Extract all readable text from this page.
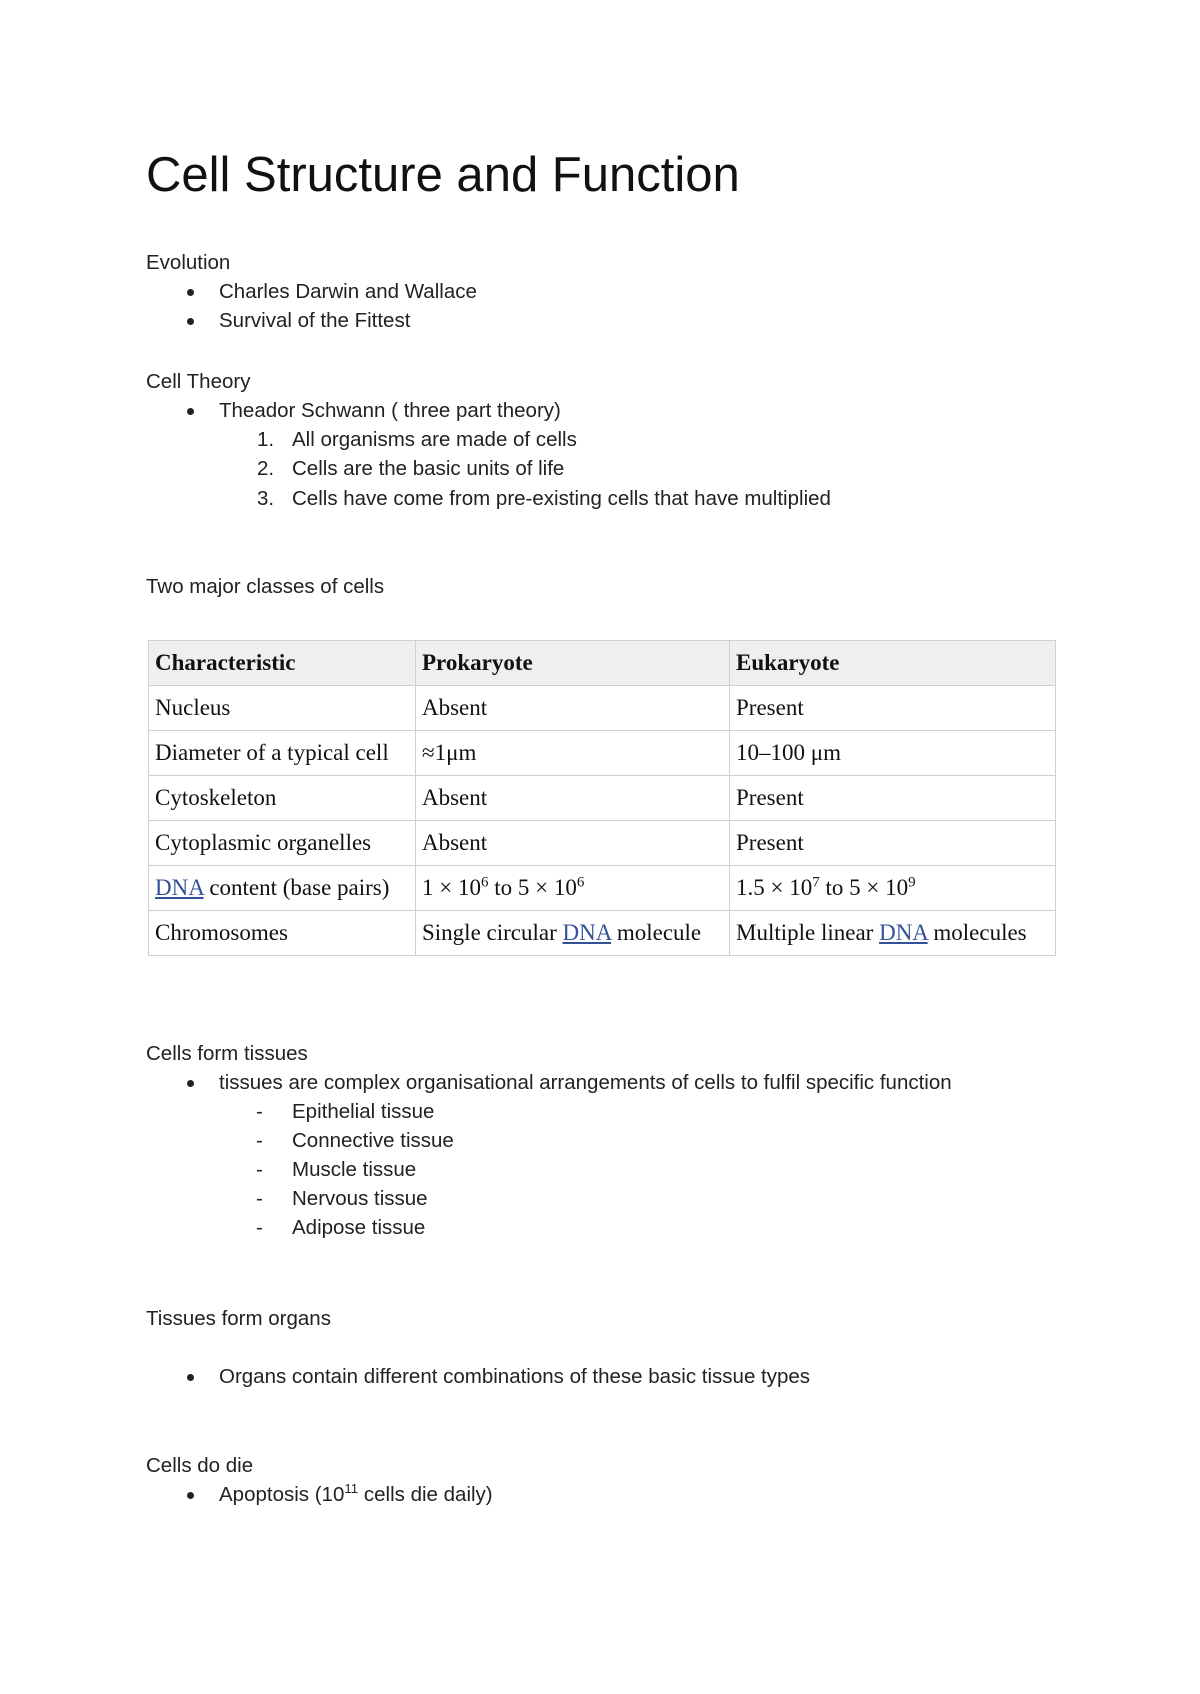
Cell Structure and Function
Evolution
Charles Darwin and Wallace
Survival of the Fittest
Cell Theory
Theador Schwann ( three part theory)
1. All organisms are made of cells
2. Cells are the basic units of life
3. Cells have come from pre-existing cells that have multiplied
Two major classes of cells
Characteristic	Prokaryote	Eukaryote
Nucleus	Absent	Present
Diameter of a typical cell	≈1μm	10–100 μm
Cytoskeleton	Absent	Present
Cytoplasmic organelles	Absent	Present
DNA content (base pairs)	$1 \times 10^6$ to $5 \times 10^6$	$1.5 \times 10^7$ to $5 \times 10^9$
Chromosomes	Single circular DNA molecule	Multiple linear DNA molecules
Cells form tissues
tissues are complex organisational arrangements of cells to fulfil specific function
- Epithelial tissue
- Connective tissue
- Muscle tissue
- Nervous tissue
- Adipose tissue
Tissues form organs
Organs contain different combinations of these basic tissue types
Cells do die
Apoptosis ($10^{11}$ cells die daily)
